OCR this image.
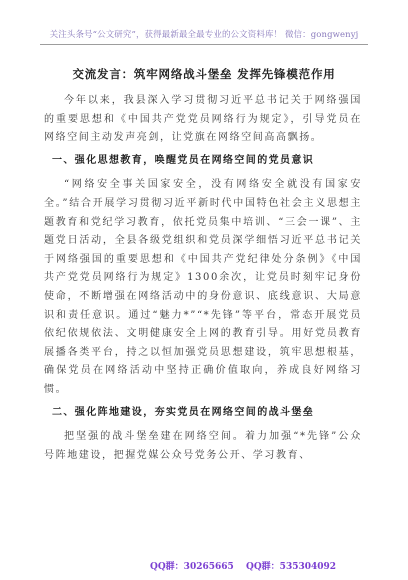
关注头条号“公文研究”，获得最新最全最专业的公文资料库！ 微信：gongwenyj
交流发言：筑牢网络战斗堡垒 发挥先锋模范作用

今年以来，我县深入学习贯彻习近平总书记关于网络强国的重要思想和《中国共产党党员网络行为规定》，引导党员在网络空间主动发声亮剑，让党旗在网络空间高高飘扬。

一、强化思想教育，唤醒党员在网络空间的党员意识

“网络安全事关国家安全，没有网络安全就没有国家安全。”结合开展学习贯彻习近平新时代中国特色社会主义思想主题教育和党纪学习教育，依托党员集中培训、“三会一课”、主题党日活动，全县各级党组织和党员深学细悟习近平总书记关于网络强国的重要思想和《中国共产党纪律处分条例》《中国共产党党员网络行为规定》1300余次，让党员时刻牢记身份使命，不断增强在网络活动中的身份意识、底线意识、大局意识和责任意识。通过“魅力*”“*先锋”等平台，常态开展党员依纪依规依法、文明健康安全上网的教育引导。用好党员教育展播各类平台，持之以恒加强党员思想建设，筑牢思想根基，确保党员在网络活动中坚持正确价值取向，养成良好网络习惯。

二、强化阵地建设，夯实党员在网络空间的战斗堡垒

把坚强的战斗堡垒建在网络空间。着力加强“*先锋”公众号阵地建设，把握党媒公众号党务公开、学习教育、

QQ群：30265665 QQ群：535304092
